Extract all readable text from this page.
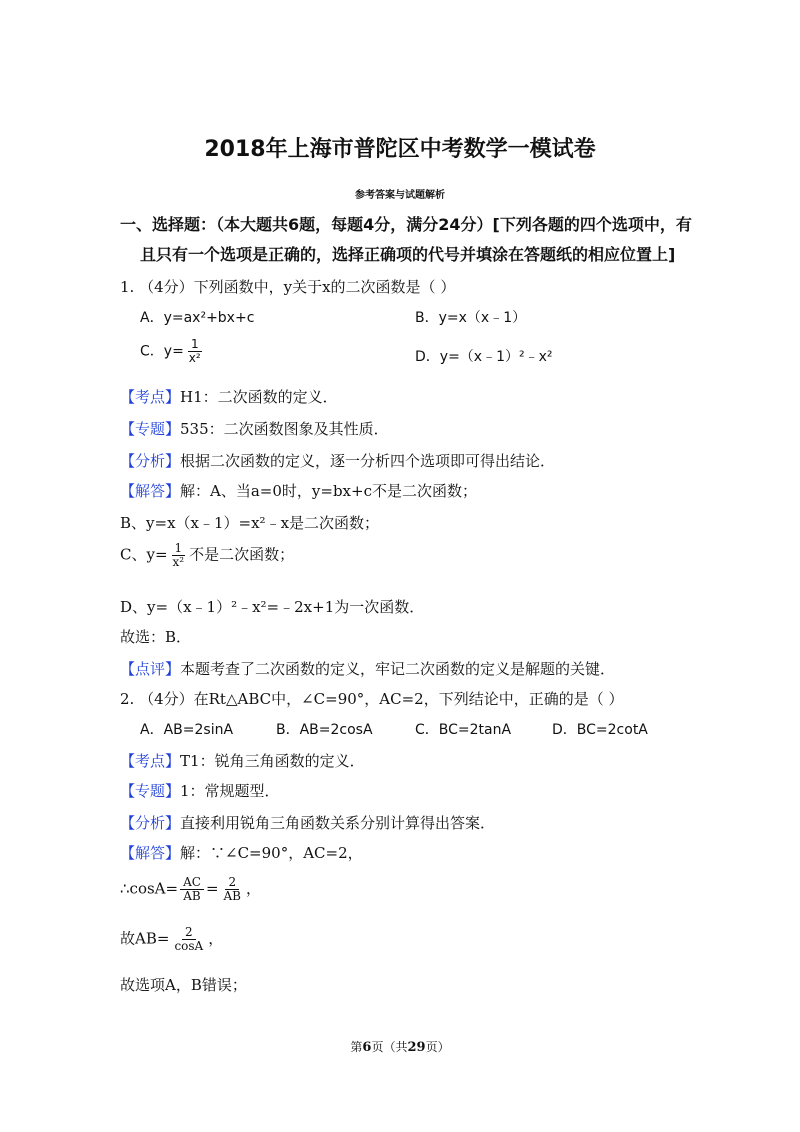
2018年上海市普陀区中考数学一模试卷
参考答案与试题解析
一、选择题：（本大题共6题，每题4分，满分24分）[下列各题的四个选项中，有
且只有一个选项是正确的，选择正确项的代号并填涂在答题纸的相应位置上]
1. （4分）下列函数中，y关于x的二次函数是（ ）
A．y=ax²+bx+c	B．y=x（x﹣1）
C．$y= \frac{1}{\text{x²}}$	D．y=（x﹣1）²﹣x²
【考点】H1：二次函数的定义．
【专题】535：二次函数图象及其性质．
【分析】根据二次函数的定义，逐一分析四个选项即可得出结论．
【解答】解：A、当a=0时，y=bx+c不是二次函数；
B、y=x（x﹣1）=x²﹣x是二次函数；
C、$y= \frac{1}{\text{x²}}$ 不是二次函数；
D、y=（x﹣1）²﹣x²=﹣2x+1为一次函数．
故选：B．
【点评】本题考查了二次函数的定义，牢记二次函数的定义是解题的关键．
2. （4分）在Rt△ABC中，∠C=90°，AC=2，下列结论中，正确的是（ ）
A．AB=2sinA	B．AB=2cosA	C．BC=2tanA	D．BC=2cotA
【考点】T1：锐角三角函数的定义．
【专题】1：常规题型．
【分析】直接利用锐角三角函数关系分别计算得出答案．
【解答】解：∵∠C=90°，AC=2，
∴cosA= $\frac{AC}{AB} = \frac{2}{AB}$ ，
故$AB= \frac{2}{\cos A}$ ，
故选项A，B错误；
第6页（共29页）
